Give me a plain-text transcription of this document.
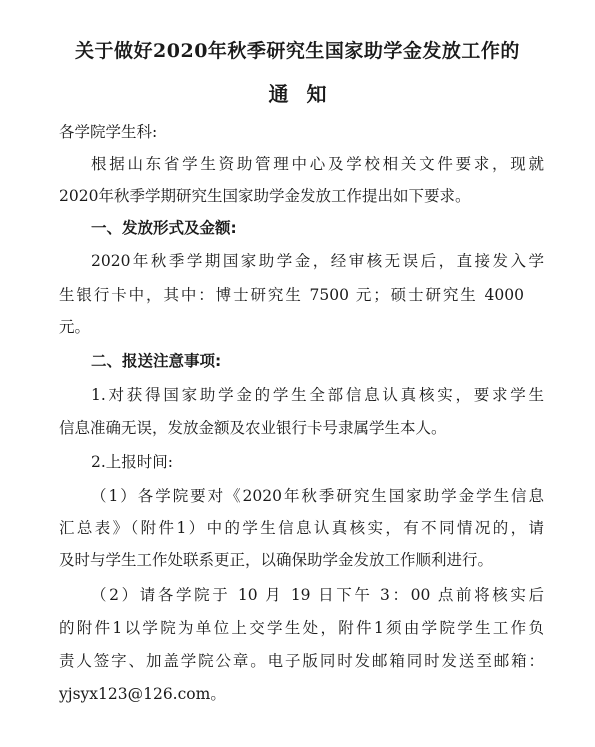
关于做好2020年秋季研究生国家助学金发放工作的
通知
各学院学生科:
根据山东省学生资助管理中心及学校相关文件要求，现就
2020年秋季学期研究生国家助学金发放工作提出如下要求。
一、发放形式及金额:
2020年秋季学期国家助学金，经审核无误后，直接发入学
生银行卡中，其中：博士研究生 7500 元；硕士研究生 4000
元。
二、报送注意事项:
1.对获得国家助学金的学生全部信息认真核实，要求学生
信息准确无误，发放金额及农业银行卡号隶属学生本人。
2.上报时间:
（1）各学院要对《2020年秋季研究生国家助学金学生信息
汇总表》（附件1）中的学生信息认真核实，有不同情况的，请
及时与学生工作处联系更正，以确保助学金发放工作顺利进行。
（2）请各学院于 10 月 19 日下午 3：00 点前将核实后
的附件1以学院为单位上交学生处，附件1须由学院学生工作负
责人签字、加盖学院公章。电子版同时发邮箱同时发送至邮箱：
yjsyx123@126.com。
